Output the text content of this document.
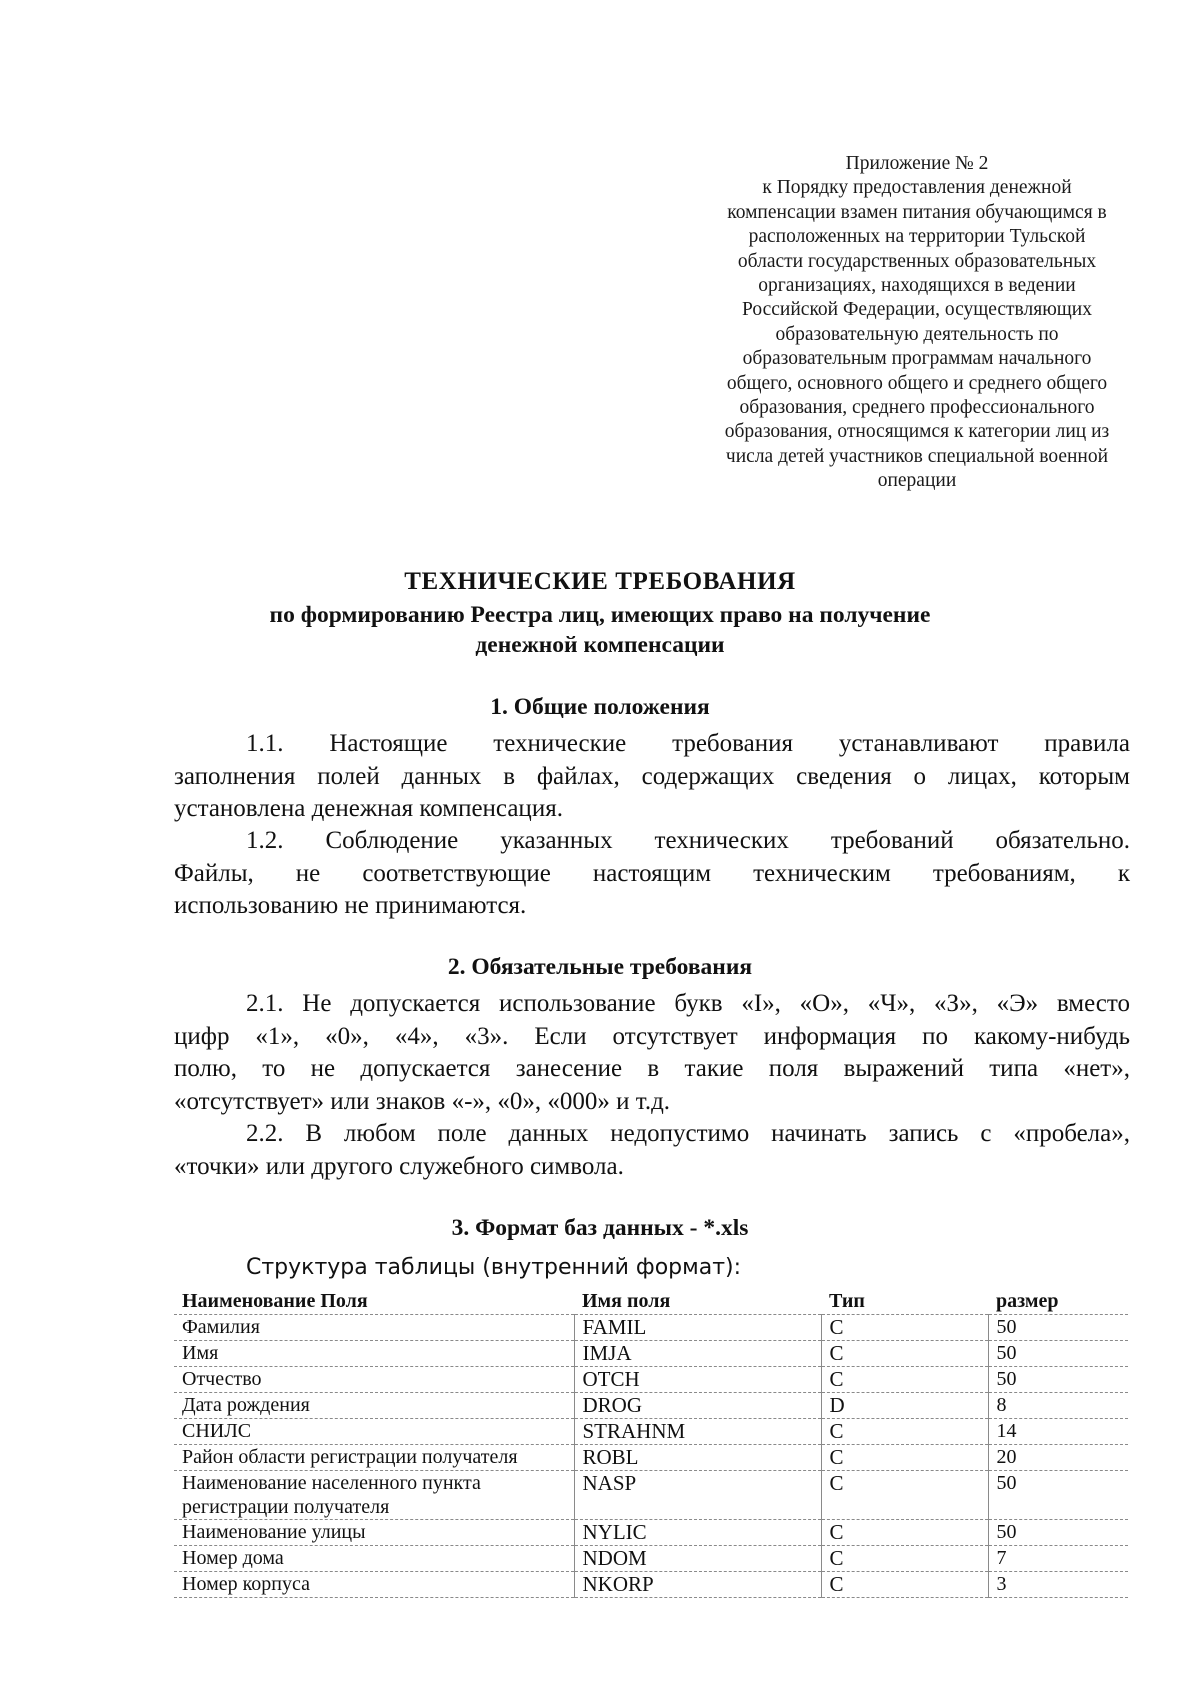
Приложение № 2
к Порядку предоставления денежной
компенсации взамен питания обучающимся в
расположенных на территории Тульской
области государственных образовательных
организациях, находящихся в ведении
Российской Федерации, осуществляющих
образовательную деятельность по
образовательным программам начального
общего, основного общего и среднего общего
образования, среднего профессионального
образования, относящимся к категории лиц из
числа детей участников специальной военной
операции
ТЕХНИЧЕСКИЕ ТРЕБОВАНИЯ
по формированию Реестра лиц, имеющих право на получение
денежной компенсации
1. Общие положения
1.1. Настоящие технические требования устанавливают правила
заполнения полей данных в файлах, содержащих сведения о лицах, которым
установлена денежная компенсация.
1.2. Соблюдение указанных технических требований обязательно.
Файлы, не соответствующие настоящим техническим требованиям, к
использованию не принимаются.
2. Обязательные требования
2.1. Не допускается использование букв «I», «О», «Ч», «З», «Э» вместо
цифр «1», «0», «4», «3». Если отсутствует информация по какому-нибудь
полю, то не допускается занесение в такие поля выражений типа «нет»,
«отсутствует» или знаков «-», «0», «000» и т.д.
2.2. В любом поле данных недопустимо начинать запись с «пробела»,
«точки» или другого служебного символа.
3. Формат баз данных - *.xls
Структура таблицы (внутренний формат):
Наименование Поля	Имя поля	Тип	размер
Фамилия	FAMIL	C	50
Имя	IMJA	C	50
Отчество	OTCH	C	50
Дата рождения	DROG	D	8
СНИЛС	STRAHNM	C	14
Район области регистрации получателя	ROBL	C	20
Наименование населенного пункта регистрации получателя	NASP	C	50
Наименование улицы	NYLIC	C	50
Номер дома	NDOM	C	7
Номер корпуса	NKORP	C	3
